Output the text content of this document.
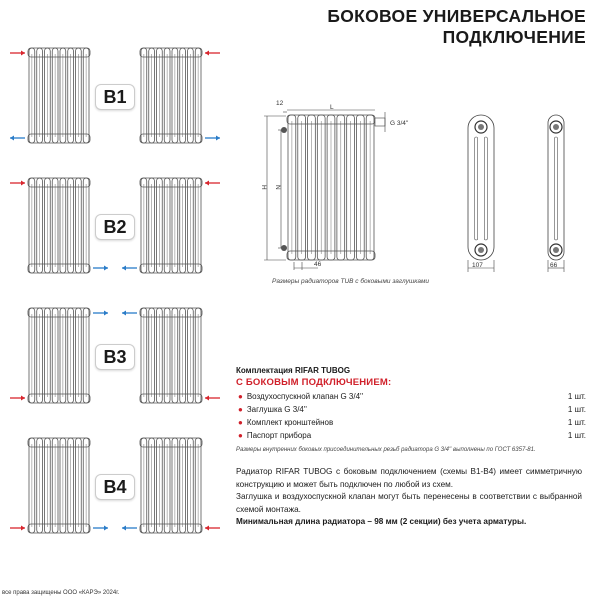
БОКОВОЕ УНИВЕРСАЛЬНОЕ
ПОДКЛЮЧЕНИЕ
B1
B2
B3
B4
12
L
G 3/4''
H N
46	107	66
Размеры радиаторов TUB с боковыми заглушками
Комплектация RIFAR TUBOG
С БОКОВЫМ ПОДКЛЮЧЕНИЕМ:
● Воздухоспускной клапан G 3/4''	1 шт.
● Заглушка G 3/4''	1 шт.
● Комплект кронштейнов	1 шт.
● Паспорт прибора	1 шт.
Размеры внутренних боковых присоединительных резьб радиатора G 3/4'' выполнены по ГОСТ 6357-81.
Радиатор RIFAR TUBOG с боковым подключением (схемы B1-B4) имеет симметричную конструкцию и может быть подключен по любой из схем.
Заглушка и воздухоспускной клапан могут быть перенесены в соответствии с выбранной схемой монтажа.
Минимальная длина радиатора – 98 мм (2 секции) без учета арматуры.
все права защищены ООО «КАРЭ» 2024г.
